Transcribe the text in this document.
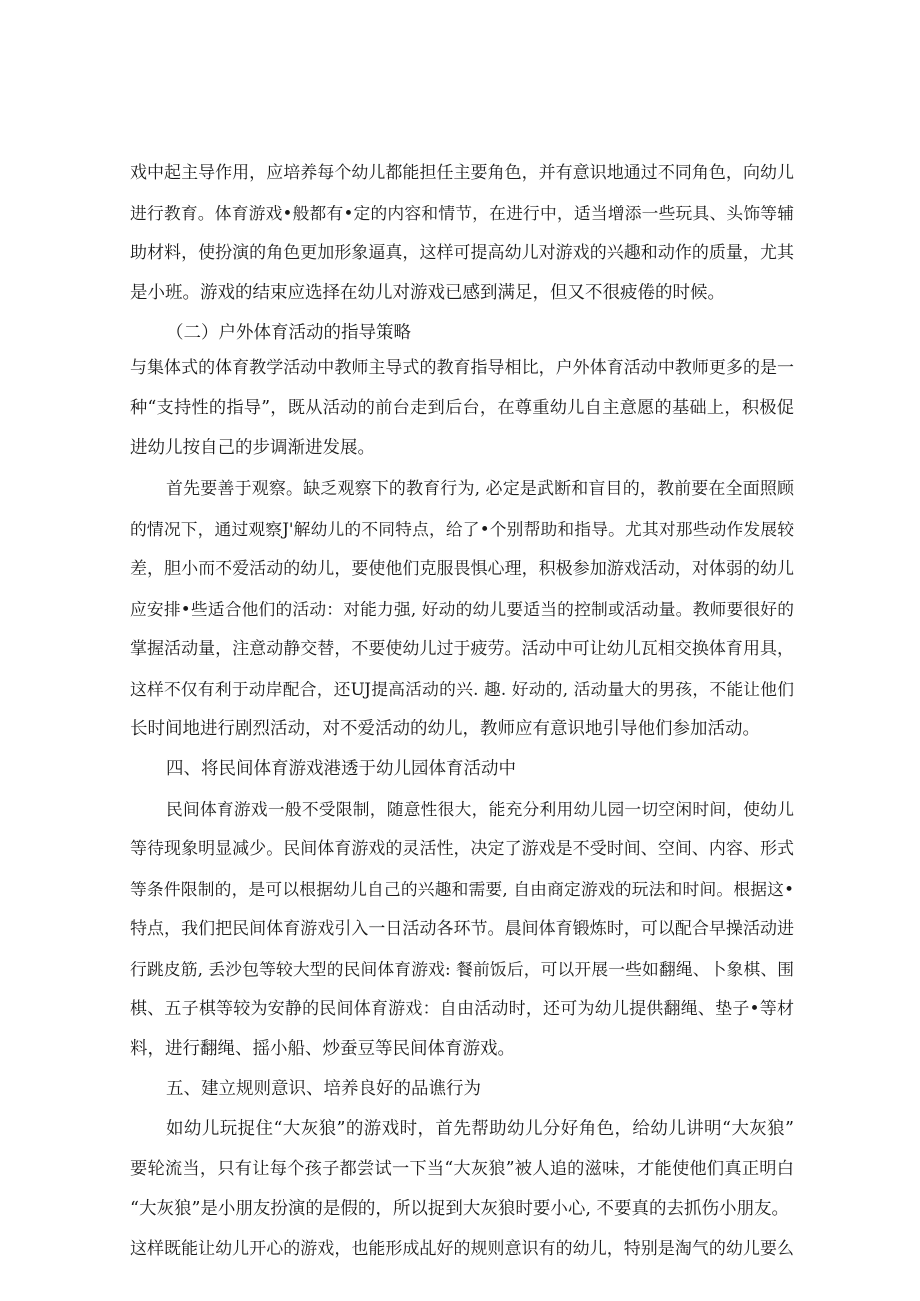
戏中起主导作用，应培养每个幼儿都能担任主要角色，并有意识地通过不同角色，向幼儿
进行教育。体育游戏•般都有•定的内容和情节，在进行中，适当增添一些玩具、头饰等辅
助材料，使扮演的角色更加形象逼真，这样可提高幼儿对游戏的兴趣和动作的质量，尤其
是小班。游戏的结束应选择在幼儿对游戏已感到满足，但又不很疲倦的时候。
（二）户外体育活动的指导策略
与集体式的体育教学活动中教师主导式的教育指导相比，户外体育活动中教师更多的是一
种“支持性的指导”，既从活动的前台走到后台，在尊重幼儿自主意愿的基础上，积极促
进幼儿按自己的步调渐进发展。
首先要善于观察。缺乏观察下的教育行为, 必定是武断和盲目的，教前要在全面照顾
的情况下，通过观察J'解幼儿的不同特点，给了•个别帮助和指导。尤其对那些动作发展较
差，胆小而不爱活动的幼儿，要使他们克服畏惧心理，积极参加游戏活动，对体弱的幼儿
应安排•些适合他们的活动：对能力强, 好动的幼儿要适当的控制或活动量。教师要很好的
掌握活动量，注意动静交替，不要使幼儿过于疲劳。活动中可让幼儿瓦相交换体育用具，
这样不仅有利于动岸配合，还UJ提高活动的兴. 趣. 好动的, 活动量大的男孩，不能让他们
长时间地进行剧烈活动，对不爱活动的幼儿，教师应有意识地引导他们参加活动。
四、将民间体育游戏港透于幼儿园体育活动中
民间体育游戏一般不受限制，随意性很大，能充分利用幼儿园一切空闲时间，使幼儿
等待现象明显减少。民间体育游戏的灵活性，决定了游戏是不受时间、空间、内容、形式
等条件限制的，是可以根据幼儿自己的兴趣和需要, 自由商定游戏的玩法和时间。根据这•
特点，我们把民间体育游戏引入一日活动各环节。晨间体育锻炼时，可以配合早操活动进
行跳皮筋, 丢沙包等较大型的民间体育游戏: 餐前饭后，可以开展一些如翻绳、卜象棋、围
棋、五子棋等较为安静的民间体育游戏：自由活动时，还可为幼儿提供翻绳、垫子•等材
料，进行翻绳、摇小船、炒蚕豆等民间体育游戏。
五、建立规则意识、培养良好的品谯行为
如幼儿玩捉住“大灰狼”的游戏时，首先帮助幼儿分好角色，给幼儿讲明“大灰狼”
要轮流当，只有让每个孩子都尝试一下当“大灰狼”被人追的滋味，才能使他们真正明白
“大灰狼”是小朋友扮演的是假的，所以捉到大灰狼时要小心, 不要真的去抓伤小朋友。
这样既能让幼儿开心的游戏，也能形成乩好的规则意识有的幼儿，特别是淘气的幼儿要么
